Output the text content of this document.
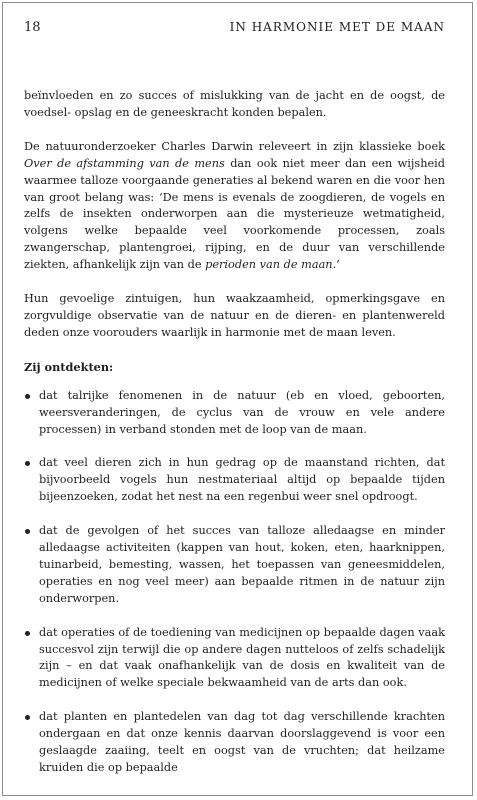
18	IN HARMONIE MET DE MAAN

beïnvloeden en zo succes of mislukking van de jacht en de oogst, de voedsel- opslag en de geneeskracht konden bepalen.

De natuuronderzoeker Charles Darwin releveert in zijn klassieke boek Over de afstamming van de mens dan ook niet meer dan een wijsheid waarmee talloze voorgaande generaties al bekend waren en die voor hen van groot belang was: ‘De mens is evenals de zoogdieren, de vogels en zelfs de insekten onderworpen aan die mysterieuze wetmatigheid, volgens welke bepaalde veel voorkomende processen, zoals zwangerschap, plantengroei, rijping, en de duur van verschillende ziekten, afhankelijk zijn van de perioden van de maan.’

Hun gevoelige zintuigen, hun waakzaamheid, opmerkingsgave en zorgvuldige observatie van de natuur en de dieren- en plantenwereld deden onze voorouders waarlijk in harmonie met de maan leven.

Zij ontdekten:

dat talrijke fenomenen in de natuur (eb en vloed, geboorten, weersveranderingen, de cyclus van de vrouw en vele andere processen) in verband stonden met de loop van de maan.
dat veel dieren zich in hun gedrag op de maanstand richten, dat bijvoorbeeld vogels hun nestmateriaal altijd op bepaalde tijden bijeenzoeken, zodat het nest na een regenbui weer snel opdroogt.
dat de gevolgen of het succes van talloze alledaagse en minder alledaagse activiteiten (kappen van hout, koken, eten, haarknippen, tuinarbeid, bemesting, wassen, het toepassen van geneesmiddelen, operaties en nog veel meer) aan bepaalde ritmen in de natuur zijn onderworpen.
dat operaties of de toediening van medicijnen op bepaalde dagen vaak succesvol zijn terwijl die op andere dagen nutteloos of zelfs schadelijk zijn – en dat vaak onafhankelijk van de dosis en kwaliteit van de medicijnen of welke speciale bekwaamheid van de arts dan ook.
dat planten en plantedelen van dag tot dag verschillende krachten ondergaan en dat onze kennis daarvan doorslaggevend is voor een geslaagde zaaiing, teelt en oogst van de vruchten; dat heilzame kruiden die op bepaalde
